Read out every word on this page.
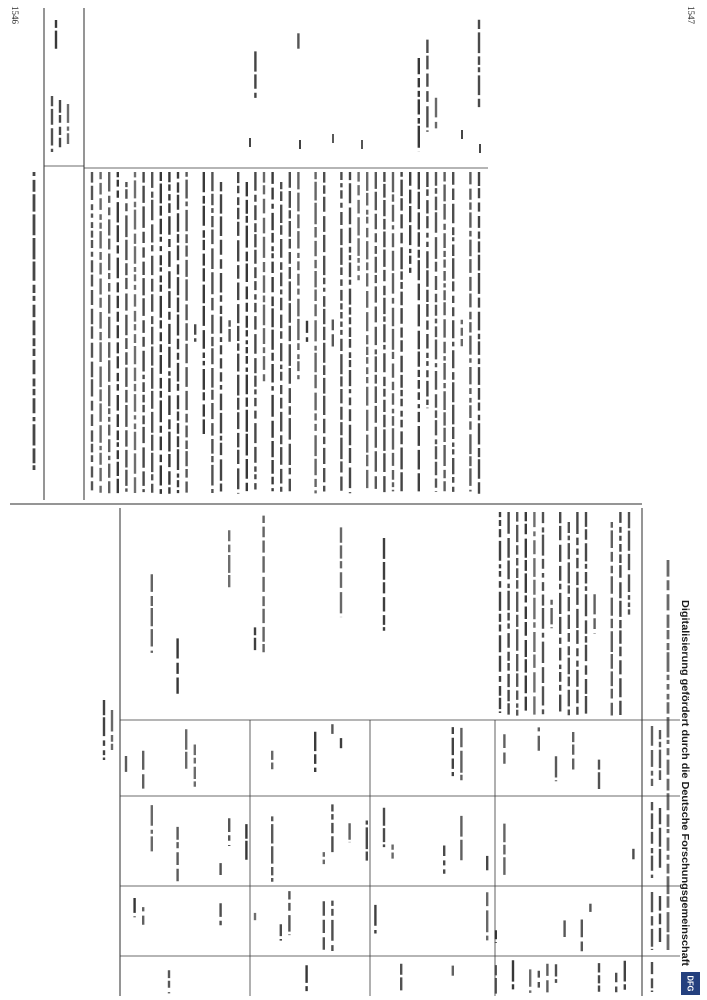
1546	1547
Digitalisierung gefördert durch die Deutsche Forschungsgemeinschaft
DFG
